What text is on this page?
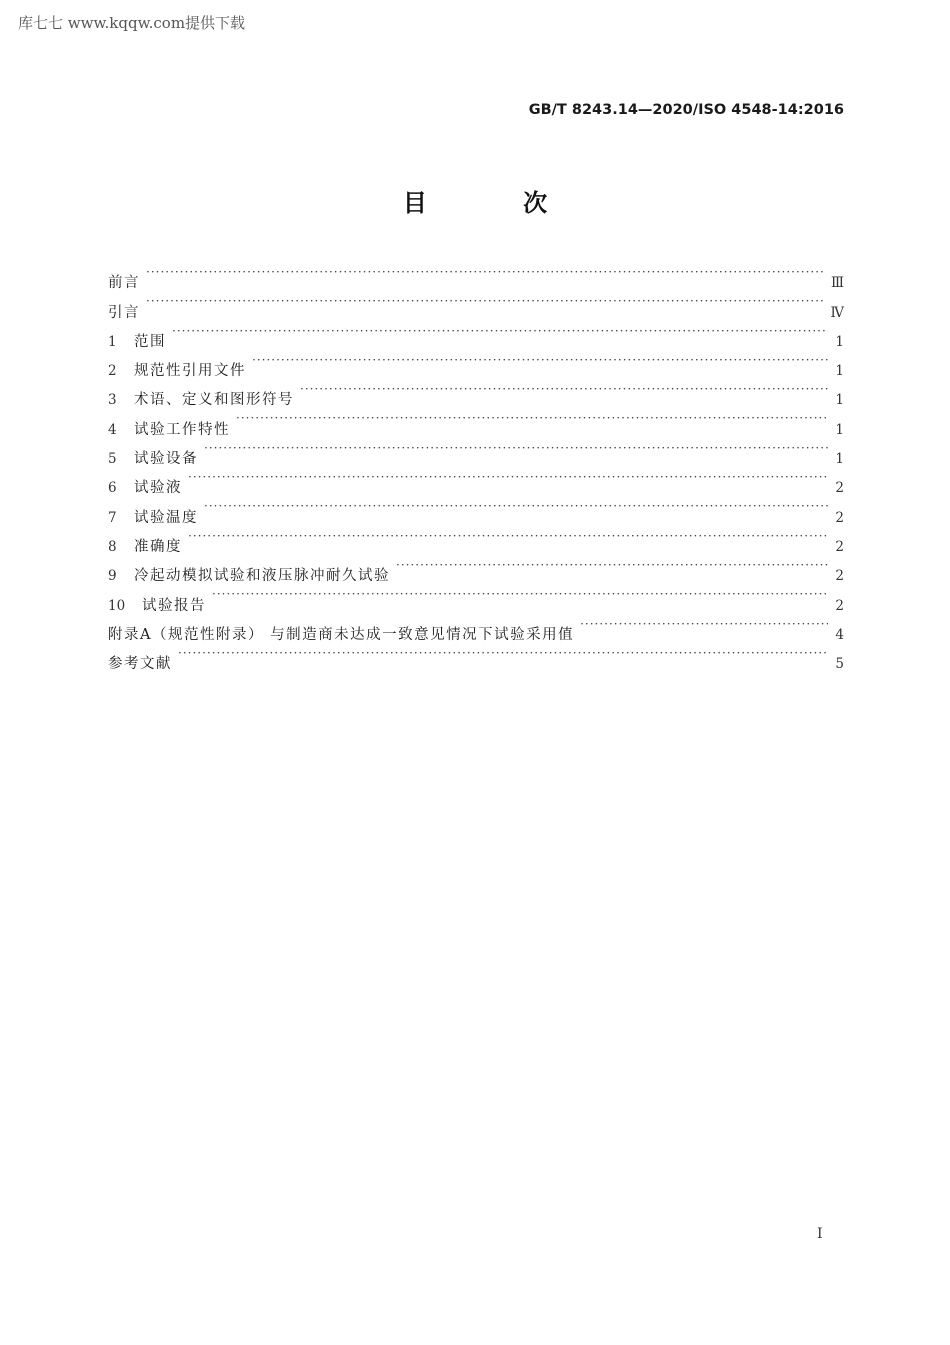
库七七 www.kqqw.com提供下载
GB/T 8243.14—2020/ISO 4548-14:2016
目 次
前言 ·····	Ⅲ
引言 ·····	Ⅳ
1	范围 ·····	1
2	规范性引用文件 ·····	1
3	术语、定义和图形符号 ·····	1
4	试验工作特性 ·····	1
5	试验设备 ·····	1
6	试验液 ·····	2
7	试验温度 ·····	2
8	准确度 ·····	2
9	冷起动模拟试验和液压脉冲耐久试验 ·····	2
10	试验报告 ·····	2
附录A（规范性附录） 与制造商未达成一致意见情况下试验采用值 ·····	4
参考文献 ·····	5
I
